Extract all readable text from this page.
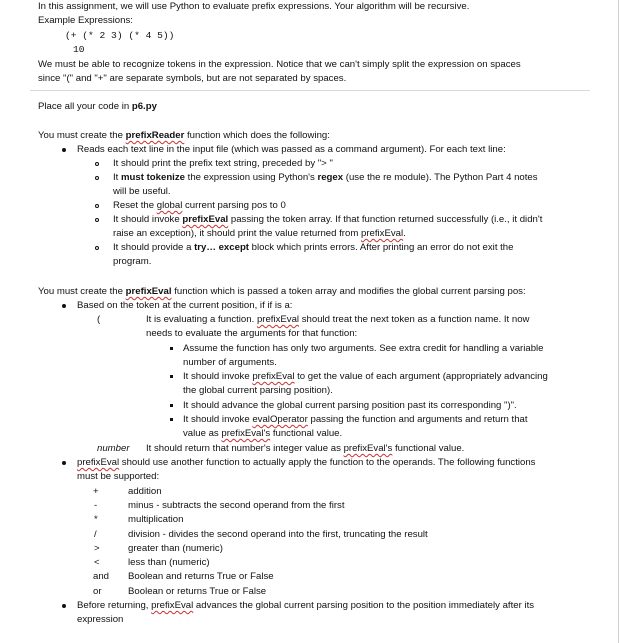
In this assignment, we will use Python to evaluate prefix expressions. Your algorithm will be recursive.
Example Expressions:
(+ (* 2 3) (* 4 5))
10
We must be able to recognize tokens in the expression. Notice that we can't simply split the expression on spaces
since "(" and "+" are separate symbols, but are not separated by spaces.
Place all your code in p6.py
You must create the prefixReader function which does the following:
Reads each text line in the input file (which was passed as a command argument). For each text line:
It should print the prefix text string, preceded by "> "
It must tokenize the expression using Python's regex (use the re module). The Python Part 4 notes
will be useful.
Reset the global current parsing pos to 0
It should invoke prefixEval passing the token array. If that function returned successfully (i.e., it didn't
raise an exception), it should print the value returned from prefixEval.
It should provide a try… except block which prints errors. After printing an error do not exit the
program.
You must create the prefixEval function which is passed a token array and modifies the global current parsing pos:
Based on the token at the current position, if if is a:
(	It is evaluating a function. prefixEval should treat the next token as a function name. It now
needs to evaluate the arguments for that function:
Assume the function has only two arguments. See extra credit for handling a variable
number of arguments.
It should invoke prefixEval to get the value of each argument (appropriately advancing
the global current parsing position).
It should advance the global current parsing position past its corresponding ")".
It should invoke evalOperator passing the function and arguments and return that
value as prefixEval's functional value.
number It should return that number's integer value as prefixEval's functional value.
prefixEval should use another function to actually apply the function to the operands. The following functions
must be supported:
+	addition
-	minus - subtracts the second operand from the first
*	multiplication
/	division - divides the second operand into the first, truncating the result
>	greater than (numeric)
<	less than (numeric)
and Boolean and returns True or False
or	Boolean or returns True or False
Before returning, prefixEval advances the global current parsing position to the position immediately after its
expression
